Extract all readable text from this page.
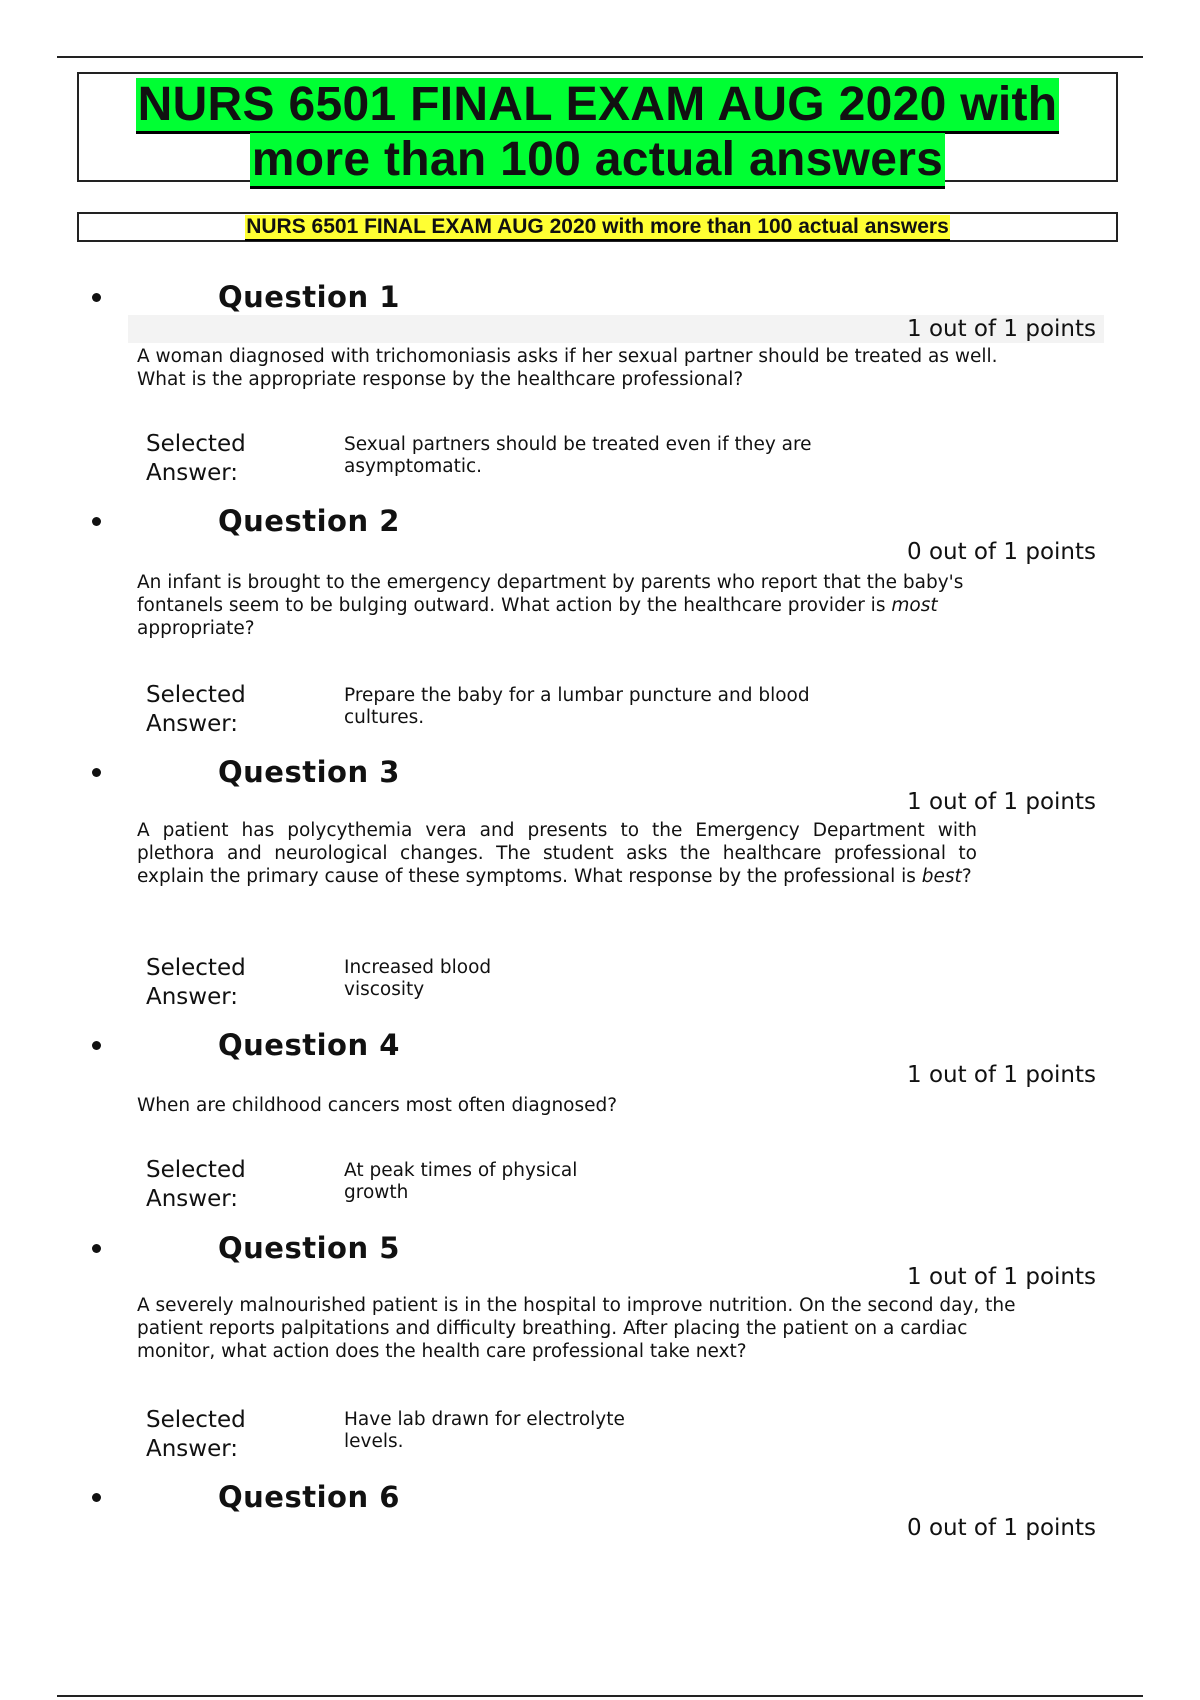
NURS 6501 FINAL EXAM AUG 2020 with
more than 100 actual answers
NURS 6501 FINAL EXAM AUG 2020 with more than 100 actual answers
Question 1
1 out of 1 points
A woman diagnosed with trichomoniasis asks if her sexual partner should be treated as well. What is the appropriate response by the healthcare professional?
Selected
Answer:
Sexual partners should be treated even if they are asymptomatic.
Question 2
0 out of 1 points
An infant is brought to the emergency department by parents who report that the baby's fontanels seem to be bulging outward. What action by the healthcare provider is most appropriate?
Selected
Answer:
Prepare the baby for a lumbar puncture and blood cultures.
Question 3
1 out of 1 points
A patient has polycythemia vera and presents to the Emergency Department with plethora and neurological changes. The student asks the healthcare professional to explain the primary cause of these symptoms. What response by the professional is best?
Selected
Answer:
Increased blood viscosity
Question 4
1 out of 1 points
When are childhood cancers most often diagnosed?
Selected
Answer:
At peak times of physical growth
Question 5
1 out of 1 points
A severely malnourished patient is in the hospital to improve nutrition. On the second day, the patient reports palpitations and difficulty breathing. After placing the patient on a cardiac monitor, what action does the health care professional take next?
Selected
Answer:
Have lab drawn for electrolyte levels.
Question 6
0 out of 1 points
